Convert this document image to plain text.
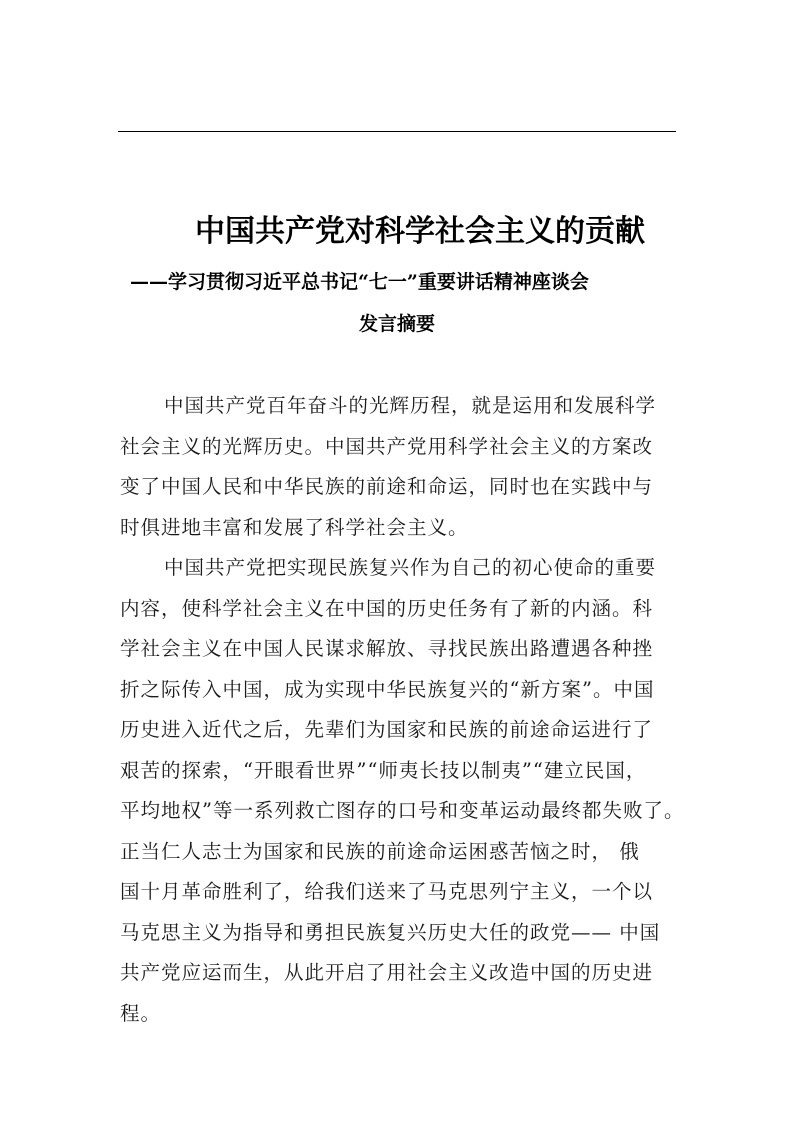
中国共产党对科学社会主义的贡献
——学习贯彻习近平总书记“七一”重要讲话精神座谈会
发言摘要
中国共产党百年奋斗的光辉历程，就是运用和发展科学
社会主义的光辉历史。中国共产党用科学社会主义的方案改
变了中国人民和中华民族的前途和命运，同时也在实践中与
时俱进地丰富和发展了科学社会主义。
中国共产党把实现民族复兴作为自己的初心使命的重要
内容，使科学社会主义在中国的历史任务有了新的内涵。科
学社会主义在中国人民谋求解放、寻找民族出路遭遇各种挫
折之际传入中国，成为实现中华民族复兴的“新方案”。中国
历史进入近代之后，先辈们为国家和民族的前途命运进行了
艰苦的探索，“开眼看世界”“师夷长技以制夷”“建立民国，
平均地权”等一系列救亡图存的口号和变革运动最终都失败了。
正当仁人志士为国家和民族的前途命运困惑苦恼之时， 俄
国十月革命胜利了，给我们送来了马克思列宁主义，一个以
马克思主义为指导和勇担民族复兴历史大任的政党—— 中国
共产党应运而生，从此开启了用社会主义改造中国的历史进
程。
